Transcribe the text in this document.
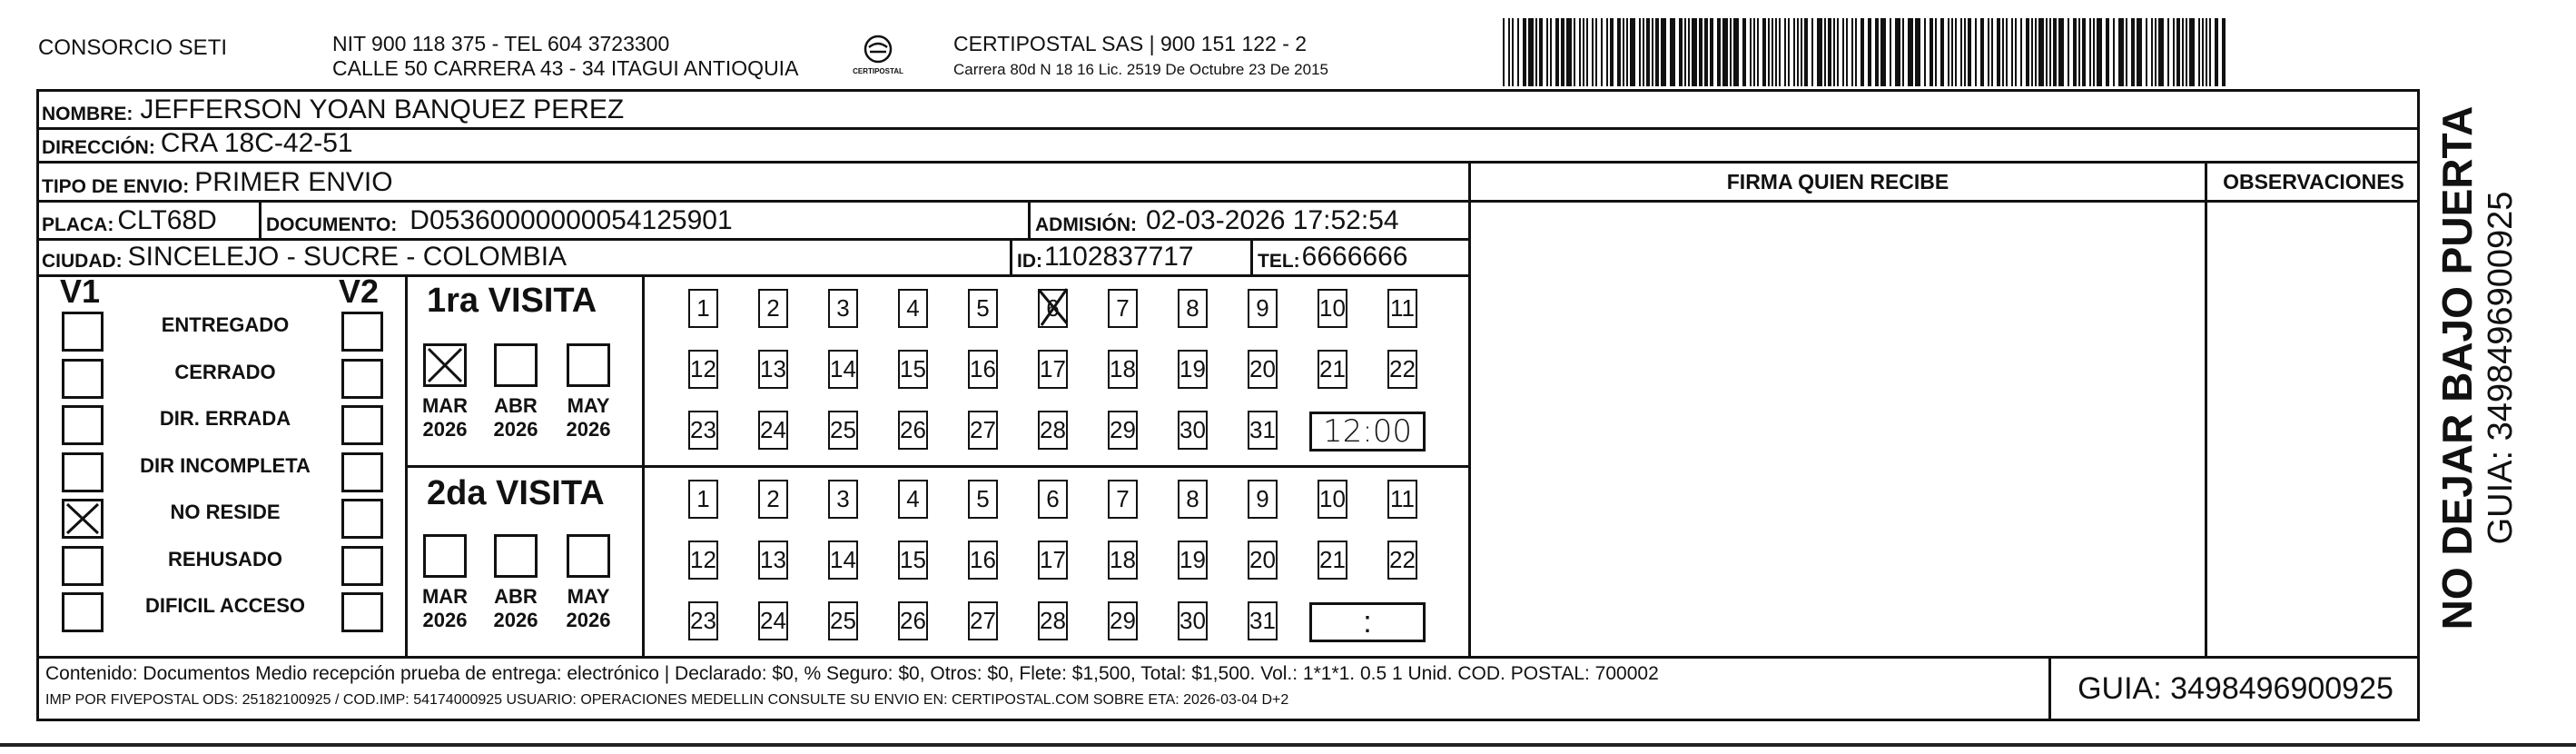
CONSORCIO SETI	NIT 900 118 375 - TEL 604 3723300
CALLE 50 CARRERA 43 - 34 ITAGUI ANTIOQUIA	CERTIPOSTAL
CERTIPOSTAL SAS | 900 151 122 - 2
Carrera 80d N 18 16 Lic. 2519 De Octubre 23 De 2015
NOMBRE: JEFFERSON YOAN BANQUEZ PEREZ
DIRECCIÓN: CRA 18C-42-51
TIPO DE ENVIO: PRIMER ENVIO
PLACA: CLT68D	DOCUMENTO: D05360000000054125901	ADMISIÓN: 02-03-2026 17:52:54
CIUDAD: SINCELEJO - SUCRE - COLOMBIA	ID: 1102837717	TEL: 6666666
FIRMA QUIEN RECIBE	OBSERVACIONES
V1	V2
ENTREGADO
CERRADO
DIR. ERRADA
DIR INCOMPLETA
NO RESIDE
REHUSADO
DIFICIL ACCESO
1ra VISITA
2da VISITA
MAR
2026
ABR
2026
MAY
2026
1	2	3	4	5	6	7	8	9	10 11
12 13 14 15 16 17 18 19 20 21 22
23 24 25 26 27 28 29 30 31	12:00
MAR
2026
ABR
2026
MAY
2026
1	2	3	4	5	6	7	8	9	10 11
12 13 14 15 16 17 18 19 20 21 22
23 24 25 26 27 28 29 30 31	:
Contenido: Documentos Medio recepción prueba de entrega: electrónico | Declarado: $0, % Seguro: $0, Otros: $0, Flete: $1,500, Total: $1,500. Vol.: 1*1*1. 0.5 1 Unid. COD. POSTAL: 700002
IMP POR FIVEPOSTAL ODS: 25182100925 / COD.IMP: 54174000925 USUARIO: OPERACIONES MEDELLIN CONSULTE SU ENVIO EN: CERTIPOSTAL.COM SOBRE ETA: 2026-03-04 D+2	GUIA: 3498496900925
NO DEJAR BAJO PUERTA GUIA: 3498496900925
